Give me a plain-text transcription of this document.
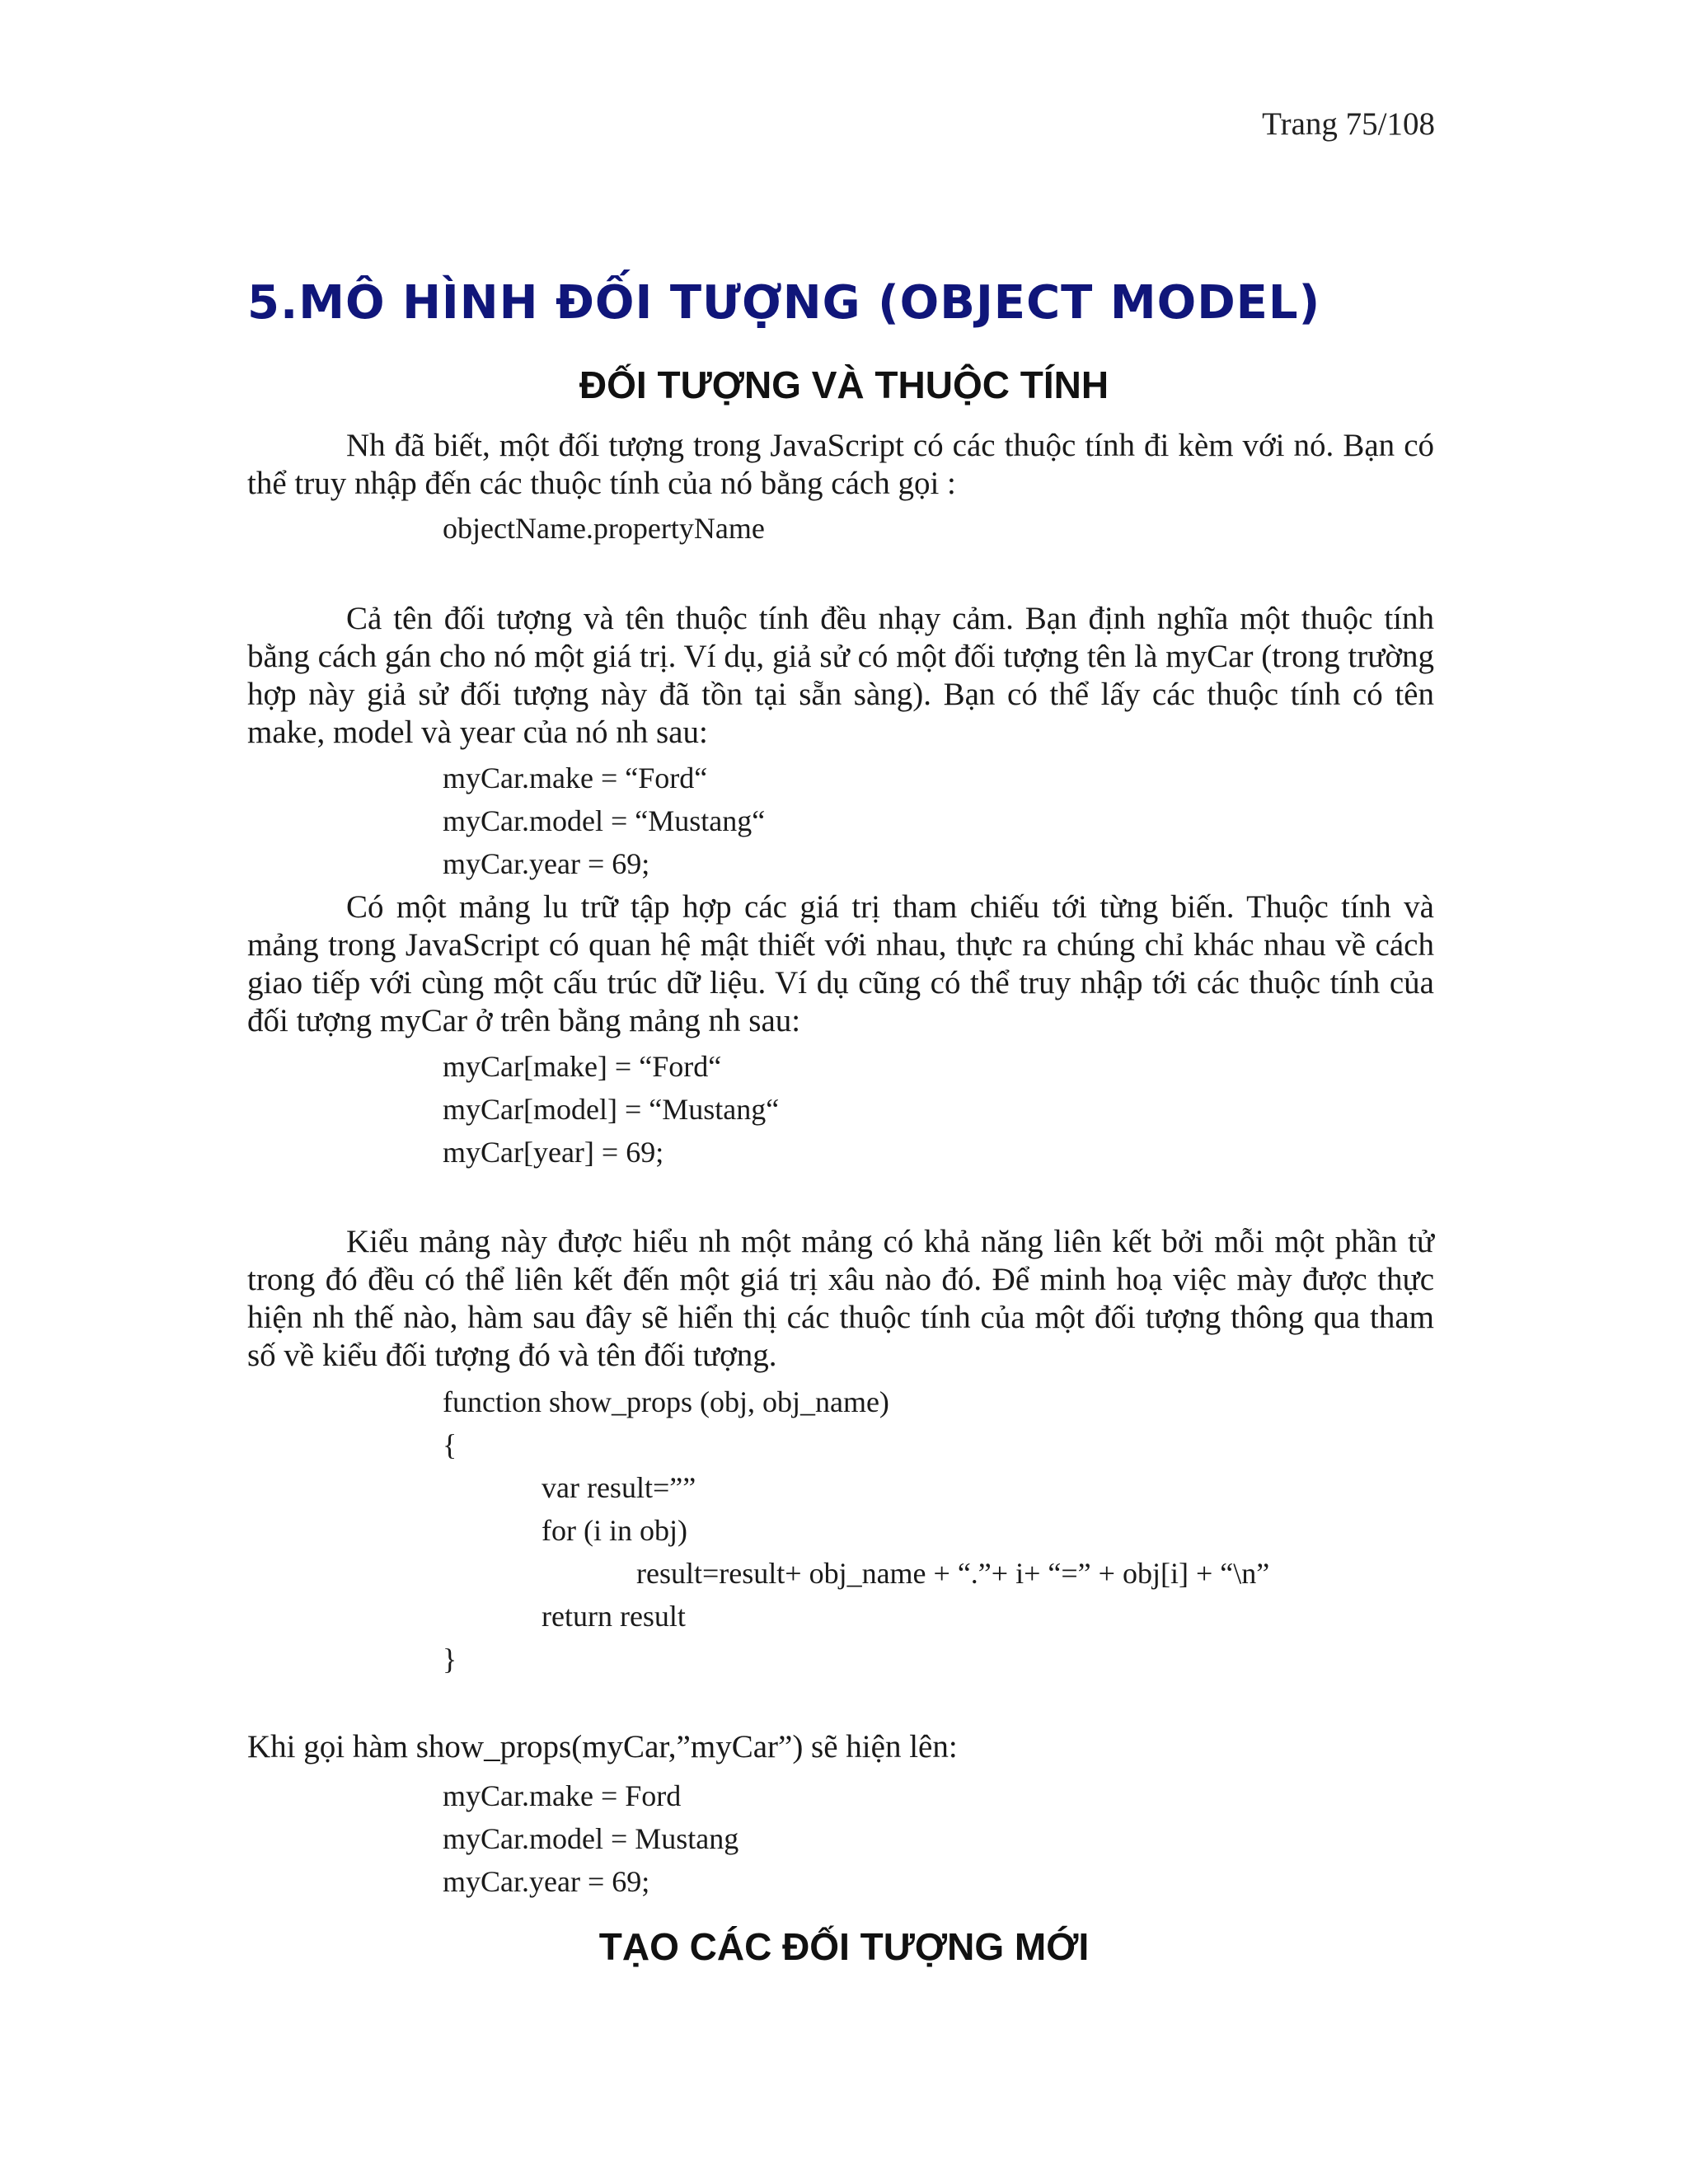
Trang 75/108
5.MÔ HÌNH ĐỐI TƯỢNG (OBJECT MODEL)
ĐỐI TƯỢNG VÀ THUỘC TÍNH

Nh đã biết, một đối tượng trong JavaScript có các thuộc tính đi kèm với nó. Bạn có thể truy nhập đến các thuộc tính của nó bằng cách gọi :

objectName.propertyName

Cả tên đối tượng và tên thuộc tính đều nhạy cảm. Bạn định nghĩa một thuộc tính bằng cách gán cho nó một giá trị. Ví dụ, giả sử có một đối tượng tên là myCar (trong trường hợp này giả sử đối tượng này đã tồn tại sẵn sàng). Bạn có thể lấy các thuộc tính có tên make, model và year của nó nh sau:

myCar.make = “Ford“
myCar.model = “Mustang“
myCar.year = 69;

Có một mảng lu trữ tập hợp các giá trị tham chiếu tới từng biến. Thuộc tính và mảng trong JavaScript có quan hệ mật thiết với nhau, thực ra chúng chỉ khác nhau về cách giao tiếp với cùng một cấu trúc dữ liệu. Ví dụ cũng có thể truy nhập tới các thuộc tính của đối tượng myCar ở trên bằng mảng nh sau:

myCar[make] = “Ford“
myCar[model] = “Mustang“
myCar[year] = 69;

Kiểu mảng này được hiểu nh một mảng có khả năng liên kết bởi mỗi một phần tử trong đó đều có thể liên kết đến một giá trị xâu nào đó. Để minh hoạ việc mày được thực hiện nh thế nào, hàm sau đây sẽ hiển thị các thuộc tính của một đối tượng thông qua tham số về kiểu đối tượng đó và tên đối tượng.

function show_props (obj, obj_name)
{
var result=””
for (i in obj)
result=result+ obj_name + “.”+ i+ “=” + obj[i] + “\n”
return result
}

Khi gọi hàm show_props(myCar,”myCar”) sẽ hiện lên:

myCar.make = Ford
myCar.model = Mustang
myCar.year = 69;
TẠO CÁC ĐỐI TƯỢNG MỚI
